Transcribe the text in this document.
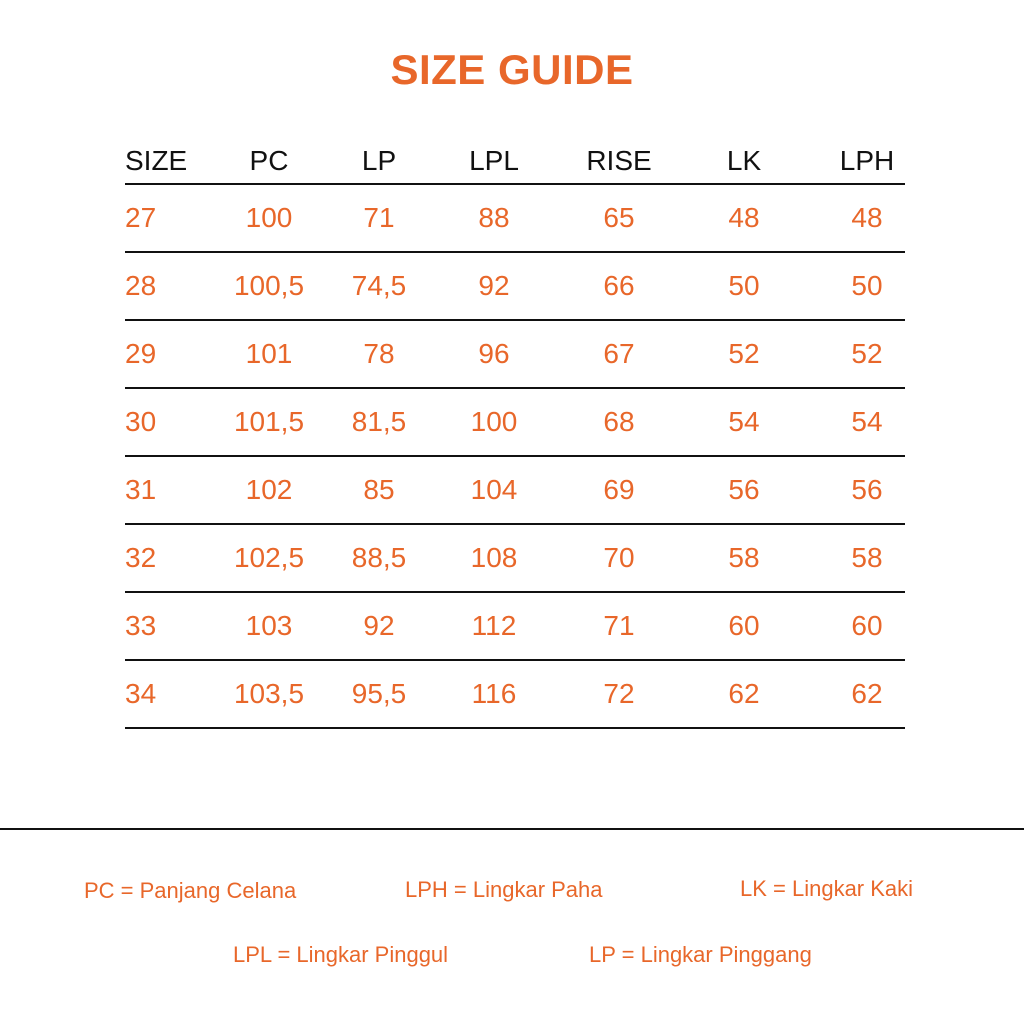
SIZE GUIDE
SIZE	PC	LP	LPL	RISE	LK	LPH
27	100	71	88	65	48	48
28	100,5	74,5	92	66	50	50
29	101	78	96	67	52	52
30	101,5	81,5	100	68	54	54
31	102	85	104	69	56	56
32	102,5	88,5	108	70	58	58
33	103	92	112	71	60	60
34	103,5	95,5	116	72	62	62
PC = Panjang Celana	LPH = Lingkar Paha	LK = Lingkar Kaki
LPL = Lingkar Pinggul	LP = Lingkar Pinggang
